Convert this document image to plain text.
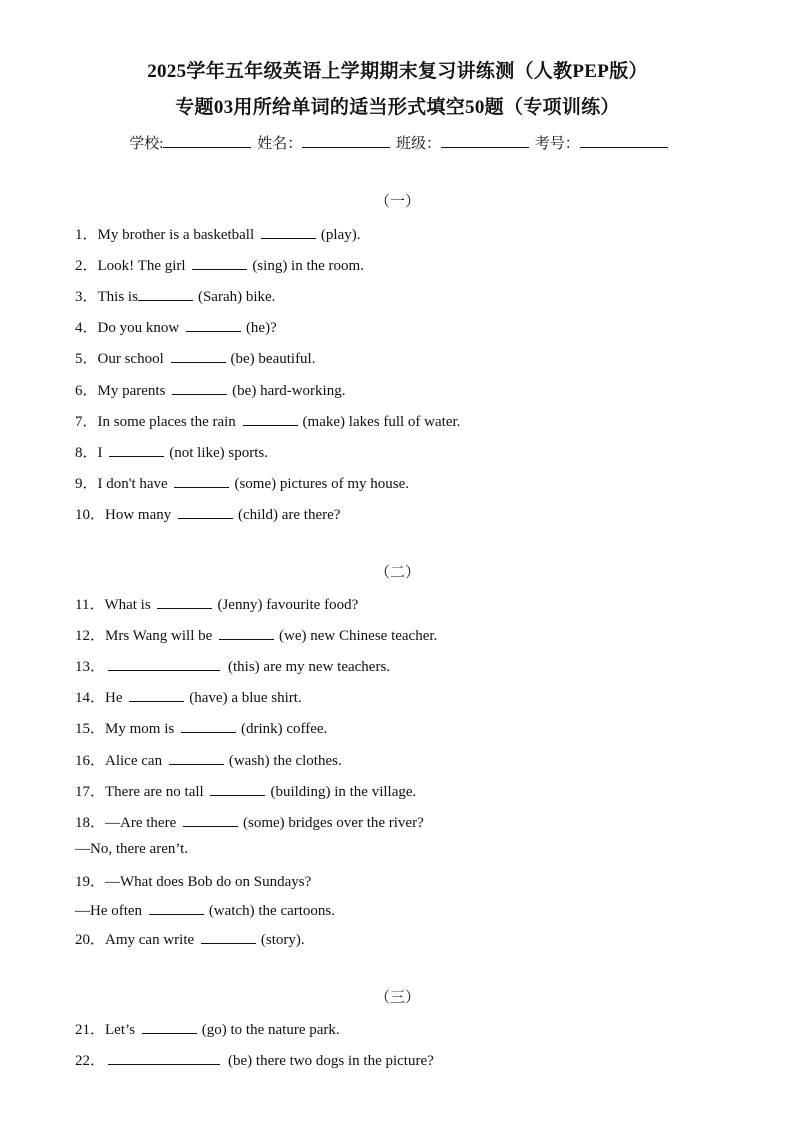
2025学年五年级英语上学期期末复习讲练测（人教PEP版）
专题03用所给单词的适当形式填空50题（专项训练）
学校:	姓名：	班级：	考号：
（一）
1．My brother is a basketball	(play).
2．Look! The girl	(sing) in the room.
3．This is	(Sarah) bike.
4．Do you know	(he)?
5．Our school	(be) beautiful.
6．My parents	(be) hard-working.
7．In some places the rain	(make) lakes full of water.
8．I	(not like) sports.
9．I don't have	(some) pictures of my house.
10．How many	(child) are there?
（二）
11．What is	(Jenny) favourite food?
12．Mrs Wang will be	(we) new Chinese teacher.
13．	(this) are my new teachers.
14．He	(have) a blue shirt.
15．My mom is	(drink) coffee.
16．Alice can	(wash) the clothes.
17．There are no tall	(building) in the village.
18．—Are there	(some) bridges over the river?
—No, there aren’t.
19．—What does Bob do on Sundays?
—He often	(watch) the cartoons.
20．Amy can write	(story).
（三）
21．Let’s	(go) to the nature park.
22．	(be) there two dogs in the picture?
